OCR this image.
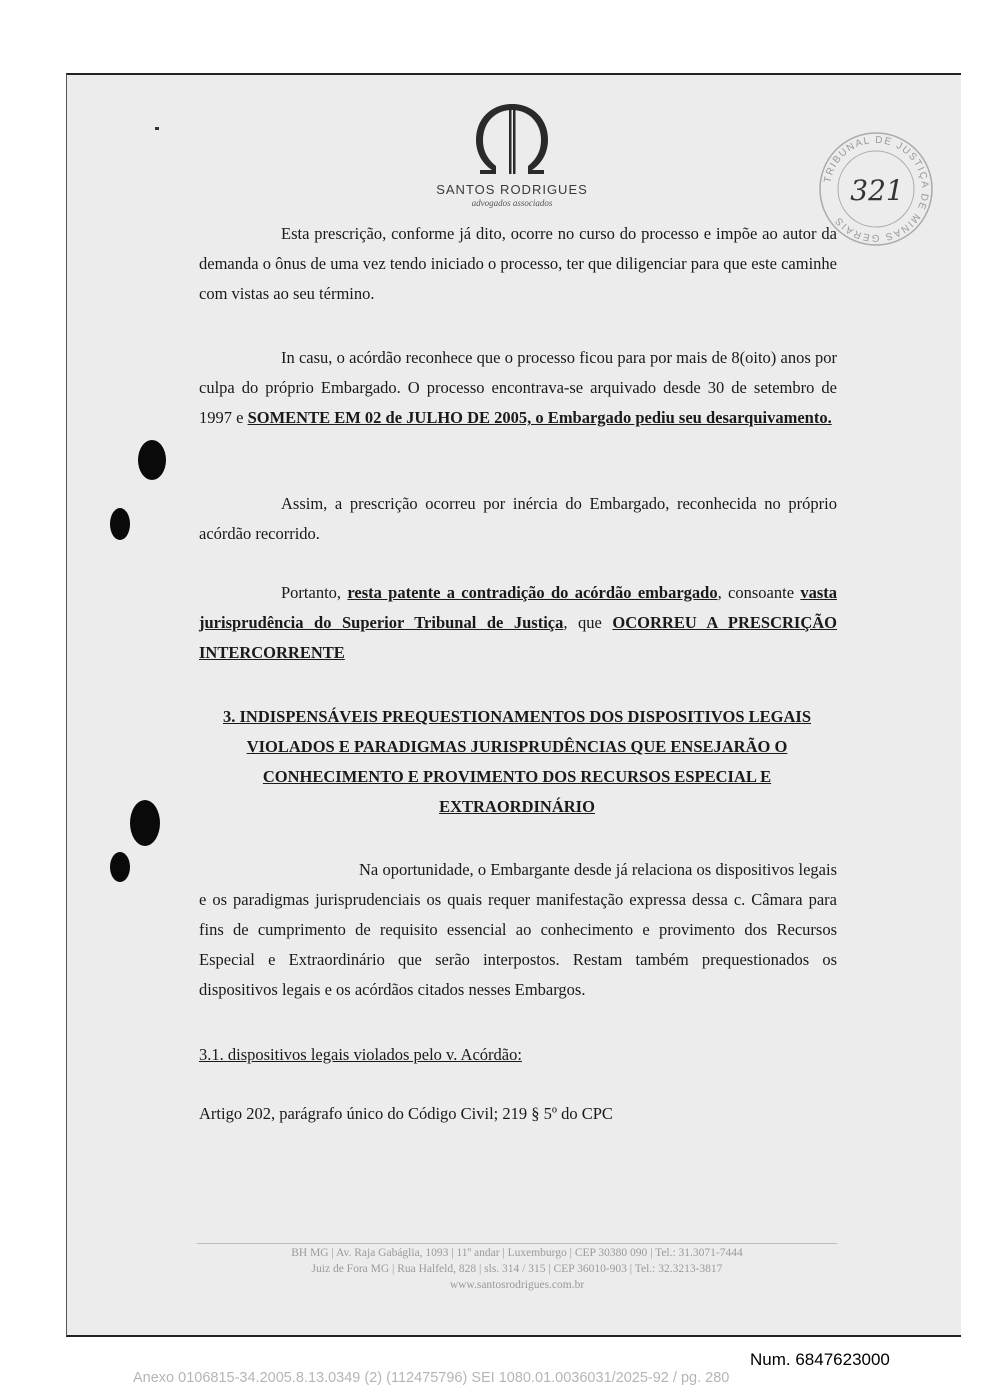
SANTOS RODRIGUES
advogados associados
TRIBUNAL DE JUSTIÇA DE MINAS GERAIS
321
Esta prescrição, conforme já dito, ocorre no curso do processo e impõe ao autor da demanda o ônus de uma vez tendo iniciado o processo, ter que diligenciar para que este caminhe com vistas ao seu término.
In casu, o acórdão reconhece que o processo ficou para por mais de 8(oito) anos por culpa do próprio Embargado. O processo encontrava-se arquivado desde 30 de setembro de 1997 e SOMENTE EM 02 de JULHO DE 2005, o Embargado pediu seu desarquivamento.
Assim, a prescrição ocorreu por inércia do Embargado, reconhecida no próprio acórdão recorrido.
Portanto, resta patente a contradição do acórdão embargado, consoante vasta jurisprudência do Superior Tribunal de Justiça, que OCORREU A PRESCRIÇÃO INTERCORRENTE
3. INDISPENSÁVEIS PREQUESTIONAMENTOS DOS DISPOSITIVOS LEGAIS VIOLADOS E PARADIGMAS JURISPRUDÊNCIAS QUE ENSEJARÃO O CONHECIMENTO E PROVIMENTO DOS RECURSOS ESPECIAL E EXTRAORDINÁRIO
Na oportunidade, o Embargante desde já relaciona os dispositivos legais e os paradigmas jurisprudenciais os quais requer manifestação expressa dessa c. Câmara para fins de cumprimento de requisito essencial ao conhecimento e provimento dos Recursos Especial e Extraordinário que serão interpostos. Restam também prequestionados os dispositivos legais e os acórdãos citados nesses Embargos.
3.1. dispositivos legais violados pelo v. Acórdão:
Artigo 202, parágrafo único do Código Civil; 219 § 5º do CPC
BH MG | Av. Raja Gabáglia, 1093 | 11º andar | Luxemburgo | CEP 30380 090 | Tel.: 31.3071-7444
Juiz de Fora MG | Rua Halfeld, 828 | sls. 314 / 315 | CEP 36010-903 | Tel.: 32.3213-3817
www.santosrodrigues.com.br
Num. 6847623000
Anexo 0106815-34.2005.8.13.0349 (2) (112475796) SEI 1080.01.0036031/2025-92 / pg. 280
